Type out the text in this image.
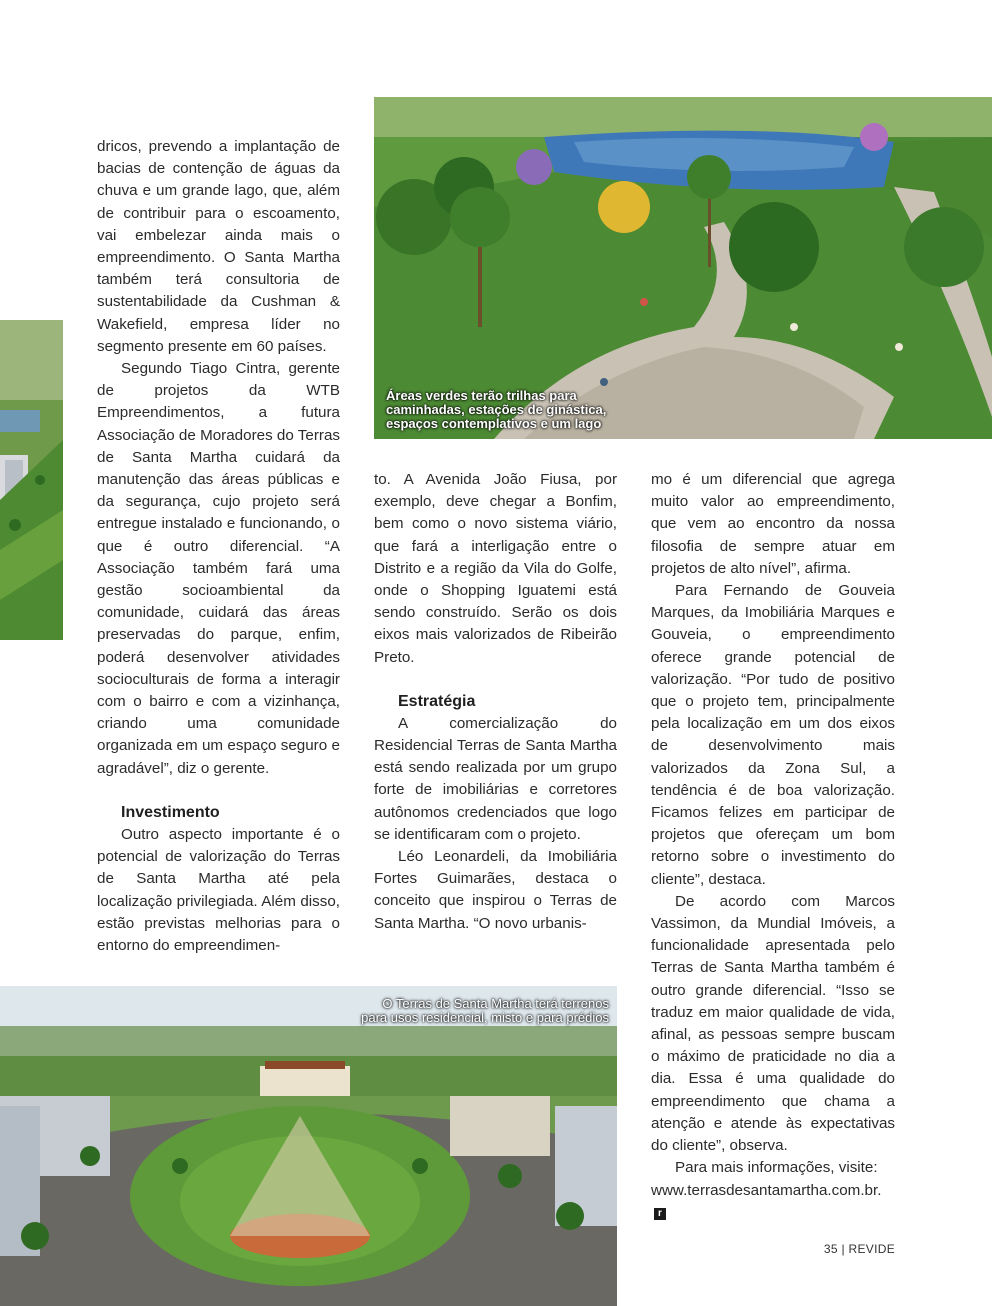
Áreas verdes terão trilhas para
caminhadas, estações de ginástica,
espaços contemplativos e um lago
O Terras de Santa Martha terá terrenos
para usos residencial, misto e para prédios

dricos, prevendo a implantação de bacias de contenção de águas da chuva e um grande lago, que, além de contribuir para o escoamento, vai embelezar ainda mais o empreendimento. O Santa Martha também terá consultoria de sustentabilidade da Cushman & Wakefield, empresa líder no segmento presente em 60 países.

Segundo Tiago Cintra, gerente de projetos da WTB Empreendimentos, a futura Associação de Moradores do Terras de Santa Martha cuidará da manutenção das áreas públicas e da segurança, cujo projeto será entregue instalado e funcionando, o que é outro diferencial. “A Associação também fará uma gestão socioambiental da comunidade, cuidará das áreas preservadas do parque, enfim, poderá desenvolver atividades socioculturais de forma a interagir com o bairro e com a vizinhança, criando uma comunidade organizada em um espaço seguro e agradável”, diz o gerente.

Investimento

Outro aspecto importante é o potencial de valorização do Terras de Santa Martha até pela localização privilegiada. Além disso, estão previstas melhorias para o entorno do empreendimen-

to. A Avenida João Fiusa, por exemplo, deve chegar a Bonfim, bem como o novo sistema viário, que fará a interligação entre o Distrito e a região da Vila do Golfe, onde o Shopping Iguatemi está sendo construído. Serão os dois eixos mais valorizados de Ribeirão Preto.

Estratégia

A comercialização do Residencial Terras de Santa Martha está sendo realizada por um grupo forte de imobiliárias e corretores autônomos credenciados que logo se identificaram com o projeto.

Léo Leonardeli, da Imobiliária Fortes Guimarães, destaca o conceito que inspirou o Terras de Santa Martha. “O novo urbanis-

mo é um diferencial que agrega muito valor ao empreendimento, que vem ao encontro da nossa filosofia de sempre atuar em projetos de alto nível”, afirma.

Para Fernando de Gouveia Marques, da Imobiliária Marques e Gouveia, o empreendimento oferece grande potencial de valorização. “Por tudo de positivo que o projeto tem, principalmente pela localização em um dos eixos de desenvolvimento mais valorizados da Zona Sul, a tendência é de boa valorização. Ficamos felizes em participar de projetos que ofereçam um bom retorno sobre o investimento do cliente”, destaca.

De acordo com Marcos Vassimon, da Mundial Imóveis, a funcionalidade apresentada pelo Terras de Santa Martha também é outro grande diferencial. “Isso se traduz em maior qualidade de vida, afinal, as pessoas sempre buscam o máximo de praticidade no dia a dia. Essa é uma qualidade do empreendimento que chama a atenção e atende às expectativas do cliente”, observa.

Para mais informações, visite:

www.terrasdesantamartha.com.br.r

35 | REVIDE
